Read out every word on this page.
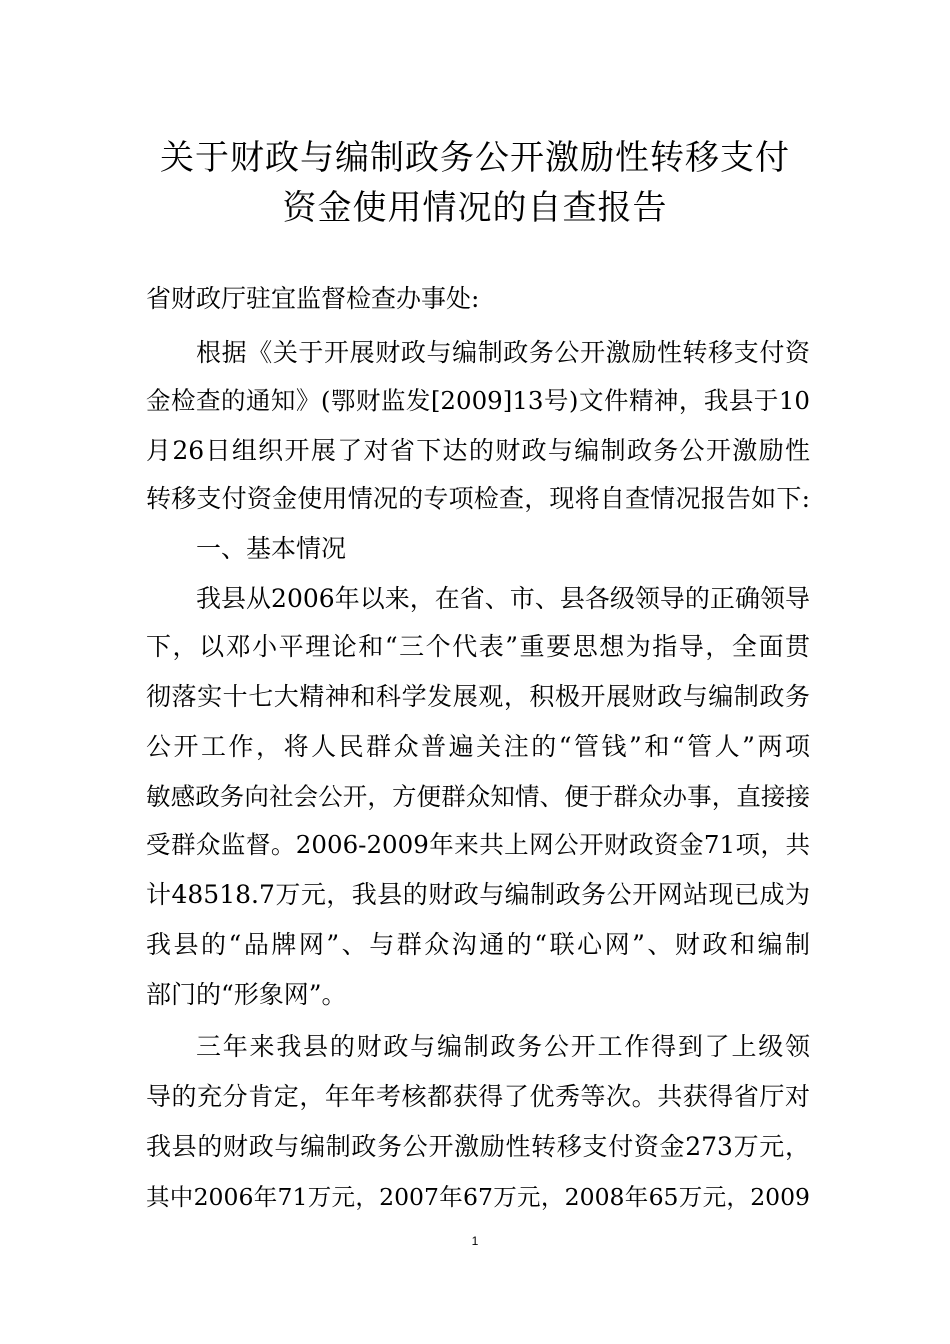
关于财政与编制政务公开激励性转移支付
资金使用情况的自查报告
省财政厅驻宜监督检查办事处:
根据《关于开展财政与编制政务公开激励性转移支付资
金检查的通知》(鄂财监发[2009]13号)文件精神，我县于10
月26日组织开展了对省下达的财政与编制政务公开激励性
转移支付资金使用情况的专项检查，现将自查情况报告如下:
一、基本情况
我县从2006年以来，在省、市、县各级领导的正确领导
下，以邓小平理论和“三个代表”重要思想为指导，全面贯
彻落实十七大精神和科学发展观，积极开展财政与编制政务
公开工作，将人民群众普遍关注的“管钱”和“管人”两项
敏感政务向社会公开，方便群众知情、便于群众办事，直接接
受群众监督。2006-2009年来共上网公开财政资金71项，共
计48518.7万元，我县的财政与编制政务公开网站现已成为
我县的“品牌网”、与群众沟通的“联心网”、财政和编制
部门的“形象网”。
三年来我县的财政与编制政务公开工作得到了上级领
导的充分肯定，年年考核都获得了优秀等次。共获得省厅对
我县的财政与编制政务公开激励性转移支付资金273万元，
其中2006年71万元，2007年67万元，2008年65万元，2009
1
